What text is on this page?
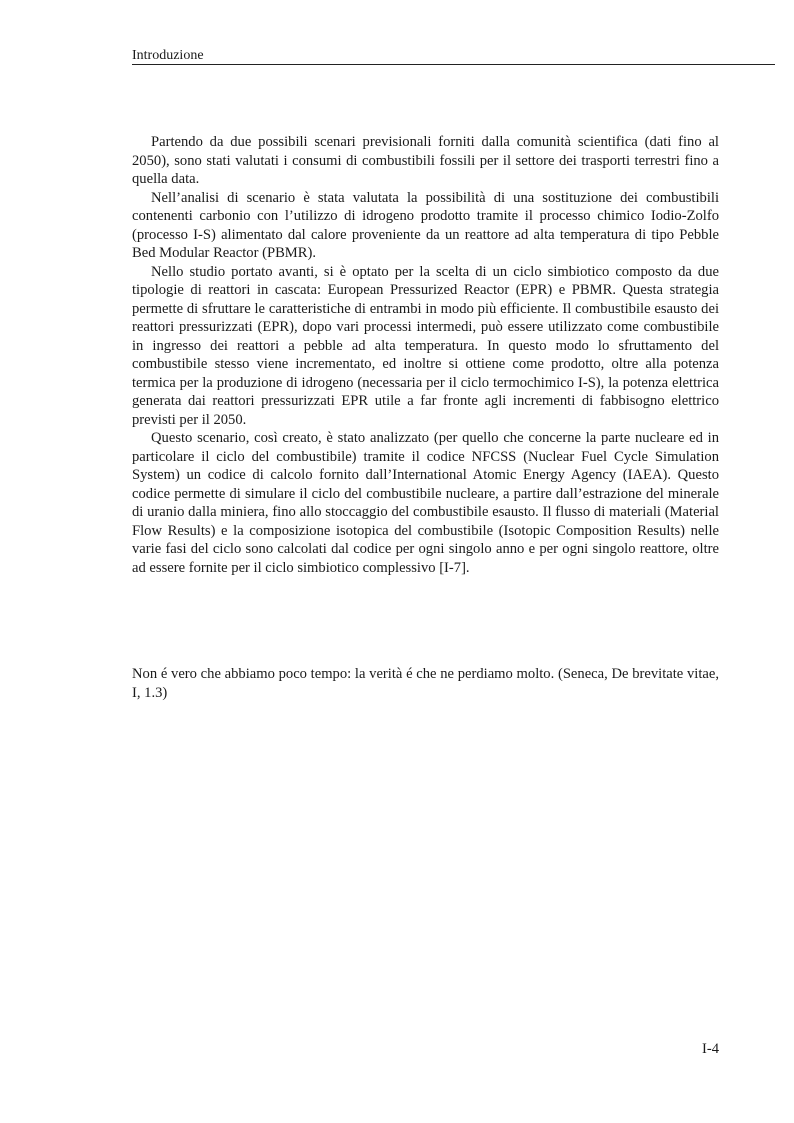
Introduzione

Partendo da due possibili scenari previsionali forniti dalla comunità scientifica (dati fino al 2050), sono stati valutati i consumi di combustibili fossili per il settore dei trasporti terrestri fino a quella data.

Nell’analisi di scenario è stata valutata la possibilità di una sostituzione dei combustibili contenenti carbonio con l’utilizzo di idrogeno prodotto tramite il processo chimico Iodio-Zolfo (processo I-S) alimentato dal calore proveniente da un reattore ad alta temperatura di tipo Pebble Bed Modular Reactor (PBMR).

Nello studio portato avanti, si è optato per la scelta di un ciclo simbiotico composto da due tipologie di reattori in cascata: European Pressurized Reactor (EPR) e PBMR. Questa strategia permette di sfruttare le caratteristiche di entrambi in modo più efficiente. Il combustibile esausto dei reattori pressurizzati (EPR), dopo vari processi intermedi, può essere utilizzato come combustibile in ingresso dei reattori a pebble ad alta temperatura. In questo modo lo sfruttamento del combustibile stesso viene incrementato, ed inoltre si ottiene come prodotto, oltre alla potenza termica per la produzione di idrogeno (necessaria per il ciclo termochimico I-S), la potenza elettrica generata dai reattori pressurizzati EPR utile a far fronte agli incrementi di fabbisogno elettrico previsti per il 2050.

Questo scenario, così creato, è stato analizzato (per quello che concerne la parte nucleare ed in particolare il ciclo del combustibile) tramite il codice NFCSS (Nuclear Fuel Cycle Simulation System) un codice di calcolo fornito dall’International Atomic Energy Agency (IAEA). Questo codice permette di simulare il ciclo del combustibile nucleare, a partire dall’estrazione del minerale di uranio dalla miniera, fino allo stoccaggio del combustibile esausto. Il flusso di materiali (Material Flow Results) e la composizione isotopica del combustibile (Isotopic Composition Results) nelle varie fasi del ciclo sono calcolati dal codice per ogni singolo anno e per ogni singolo reattore, oltre ad essere fornite per il ciclo simbiotico complessivo [I-7].

Non é vero che abbiamo poco tempo: la verità é che ne perdiamo molto. (Seneca, De brevitate vitae, I, 1.3)

I-4
